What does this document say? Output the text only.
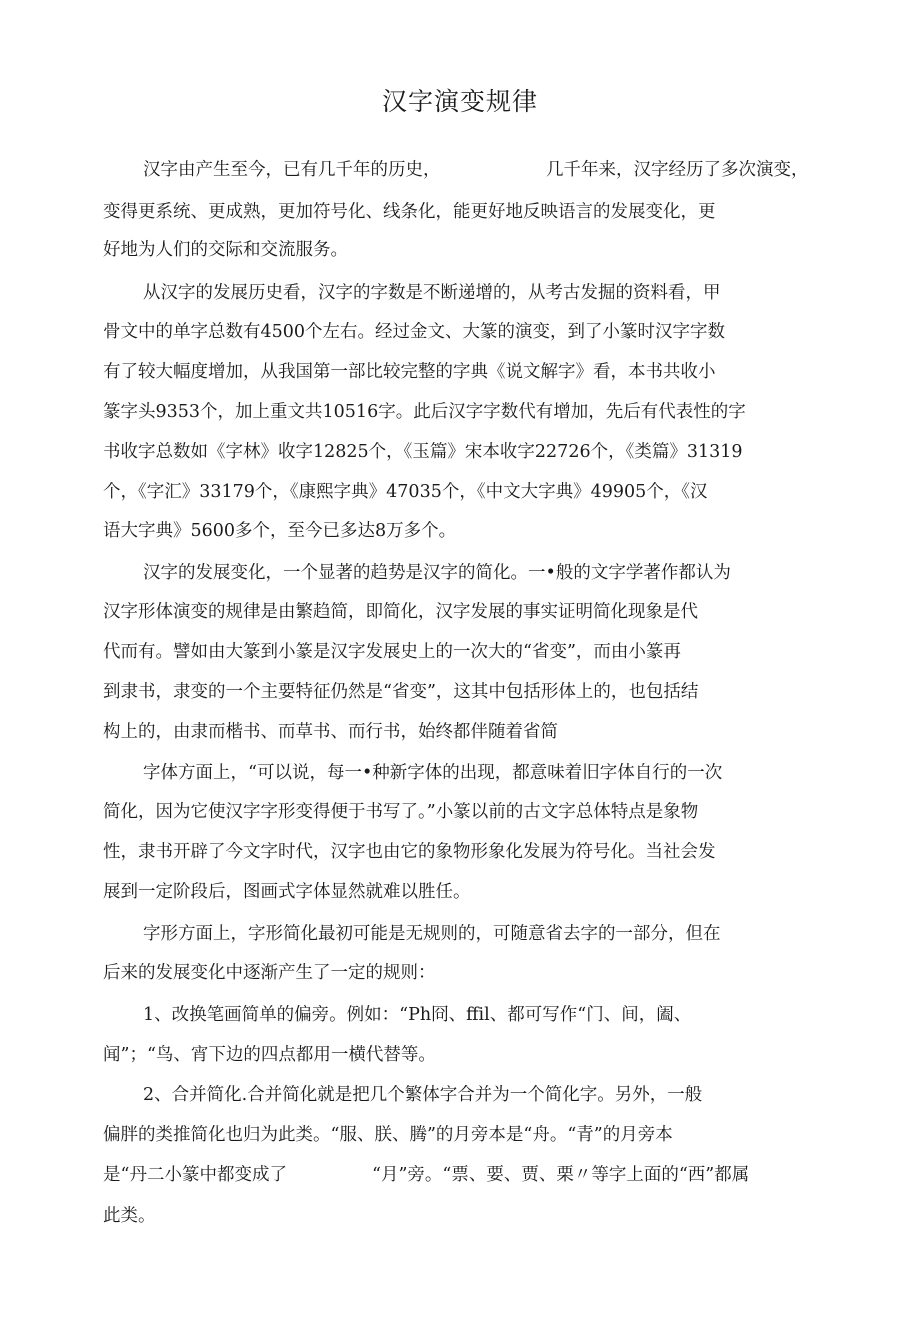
汉字演变规律
汉字由产生至今，已有几千年的历史，	几千年来，汉字经历了多次演变，
变得更系统、更成熟，更加符号化、线条化，能更好地反映语言的发展变化，更
好地为人们的交际和交流服务。
从汉字的发展历史看，汉字的字数是不断递增的，从考古发掘的资料看，甲
骨文中的单字总数有4500个左右。经过金文、大篆的演变，到了小篆时汉字字数
有了较大幅度增加，从我国第一部比较完整的字典《说文解字》看，本书共收小
篆字头9353个，加上重文共10516字。此后汉字字数代有增加，先后有代表性的字
书收字总数如《字林》收字12825个，《玉篇》宋本收字22726个，《类篇》31319
个，《字汇》33179个，《康熙字典》47035个，《中文大字典》49905个，《汉
语大字典》5600多个，至今已多达8万多个。
汉字的发展变化，一个显著的趋势是汉字的简化。一•般的文字学著作都认为
汉字形体演变的规律是由繁趋简，即简化，汉字发展的事实证明简化现象是代
代而有。譬如由大篆到小篆是汉字发展史上的一次大的“省变”，而由小篆再
到隶书，隶变的一个主要特征仍然是“省变”，这其中包括形体上的，也包括结
构上的，由隶而楷书、而草书、而行书，始终都伴随着省简
字体方面上，“可以说，每一•种新字体的出现，都意味着旧字体自行的一次
简化，因为它使汉字字形变得便于书写了。”小篆以前的古文字总体特点是象物
性，隶书开辟了今文字时代，汉字也由它的象物形象化发展为符号化。当社会发
展到一定阶段后，图画式字体显然就难以胜任。
字形方面上，字形简化最初可能是无规则的，可随意省去字的一部分，但在
后来的发展变化中逐渐产生了一定的规则：
1、改换笔画简单的偏旁。例如：“Ph冏、ffil、都可写作“门、间，阖、
闻”；“鸟、宵下边的四点都用一横代替等。
2、合并简化.合并简化就是把几个繁体字合并为一个简化字。另外，一般
偏胖的类推简化也归为此类。“服、朕、腾”的月旁本是“舟。“青”的月旁本
是“丹二小篆中都变成了	“月”旁。“票、要、贾、栗〃等字上面的“西”都属
此类。
